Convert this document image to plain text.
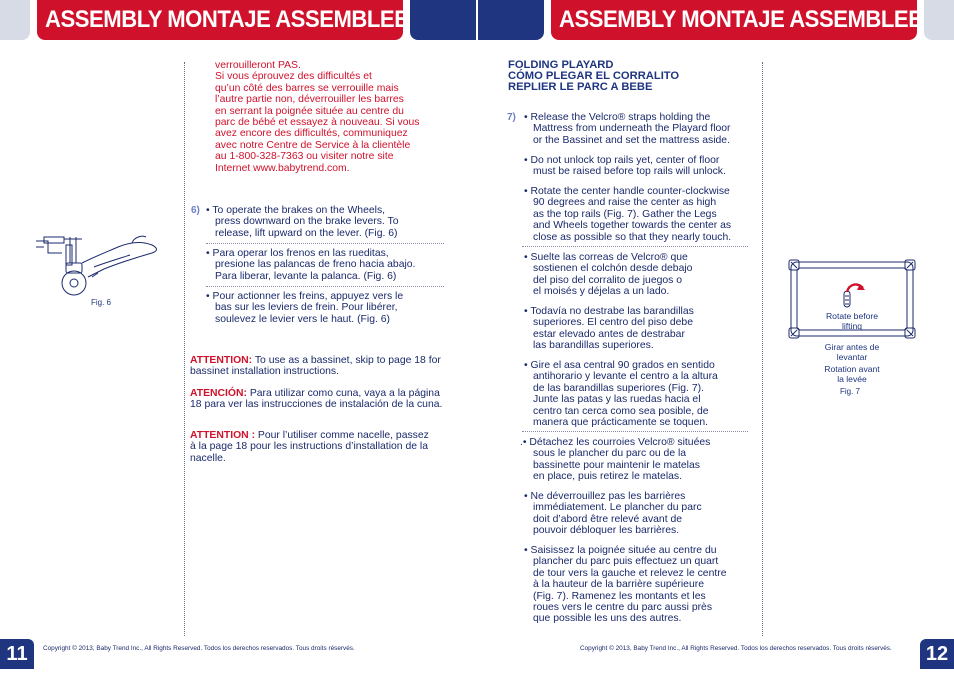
ASSEMBLY MONTAJE ASSEMBLEE	ASSEMBLY MONTAJE ASSEMBLEE
verrouilleront PAS.
Si vous éprouvez des difficultés et
qu’un côté des barres se verrouille mais
l’autre partie non, déverrouiller les barres
en serrant la poignée située au centre du
parc de bébé et essayez à nouveau. Si vous
avez encore des difficultés, communiquez
avec notre Centre de Service à la clientèle
au 1-800-328-7363 ou visiter notre site
Internet www.babytrend.com.
6) • To operate the brakes on the Wheels,
press downward on the brake levers. To
release, lift upward on the lever. (Fig. 6)
• Para operar los frenos en las rueditas,
presione las palancas de freno hacia abajo.
Para liberar, levante la palanca. (Fig. 6)
• Pour actionner les freins, appuyez vers le
bas sur les leviers de frein. Pour libérer,
soulevez le levier vers le haut. (Fig. 6)
ATTENTION: To use as a bassinet, skip to page 18 for bassinet installation instructions.
ATENCIÓN: Para utilizar como cuna, vaya a la página 18 para ver las instrucciones de instalación de la cuna.
ATTENTION : Pour l’utiliser comme nacelle, passez à la page 18 pour les instructions d’installation de la nacelle.
Fig. 6
FOLDING PLAYARD
CÓMO PLEGAR EL CORRALITO
REPLIER LE PARC A BEBE
7) • Release the Velcro® straps holding the
Mattress from underneath the Playard floor
or the Bassinet and set the mattress aside.
• Do not unlock top rails yet, center of floor
must be raised before top rails will unlock.
• Rotate the center handle counter-clockwise
90 degrees and raise the center as high
as the top rails (Fig. 7). Gather the Legs
and Wheels together towards the center as
close as possible so that they nearly touch.
• Suelte las correas de Velcro® que
sostienen el colchón desde debajo
del piso del corralito de juegos o
el moisés y déjelas a un lado.
• Todavía no destrabe las barandillas
superiores. El centro del piso debe
estar elevado antes de destrabar
las barandillas superiores.
• Gire el asa central 90 grados en sentido
antihorario y levante el centro a la altura
de las barandillas superiores (Fig. 7).
Junte las patas y las ruedas hacia el
centro tan cerca como sea posible, de
manera que prácticamente se toquen.
.• Détachez les courroies Velcro® situées
sous le plancher du parc ou de la
bassinette pour maintenir le matelas
en place, puis retirez le matelas.
• Ne déverrouillez pas les barrières
immédiatement. Le plancher du parc
doit d’abord être relevé avant de
pouvoir débloquer les barrières.
• Saisissez la poignée située au centre du
plancher du parc puis effectuez un quart
de tour vers la gauche et relevez le centre
à la hauteur de la barrière supérieure
(Fig. 7). Ramenez les montants et les
roues vers le centre du parc aussi près
que possible les uns des autres.
Rotate before
lifting
Girar antes de
levantar
Rotation avant
la levée
Fig. 7
11	Copyright © 2013, Baby Trend Inc., All Rights Reserved. Todos los derechos reservados. Tous droits réservés.	Copyright © 2013, Baby Trend Inc., All Rights Reserved. Todos los derechos reservados. Tous droits réservés. 12
